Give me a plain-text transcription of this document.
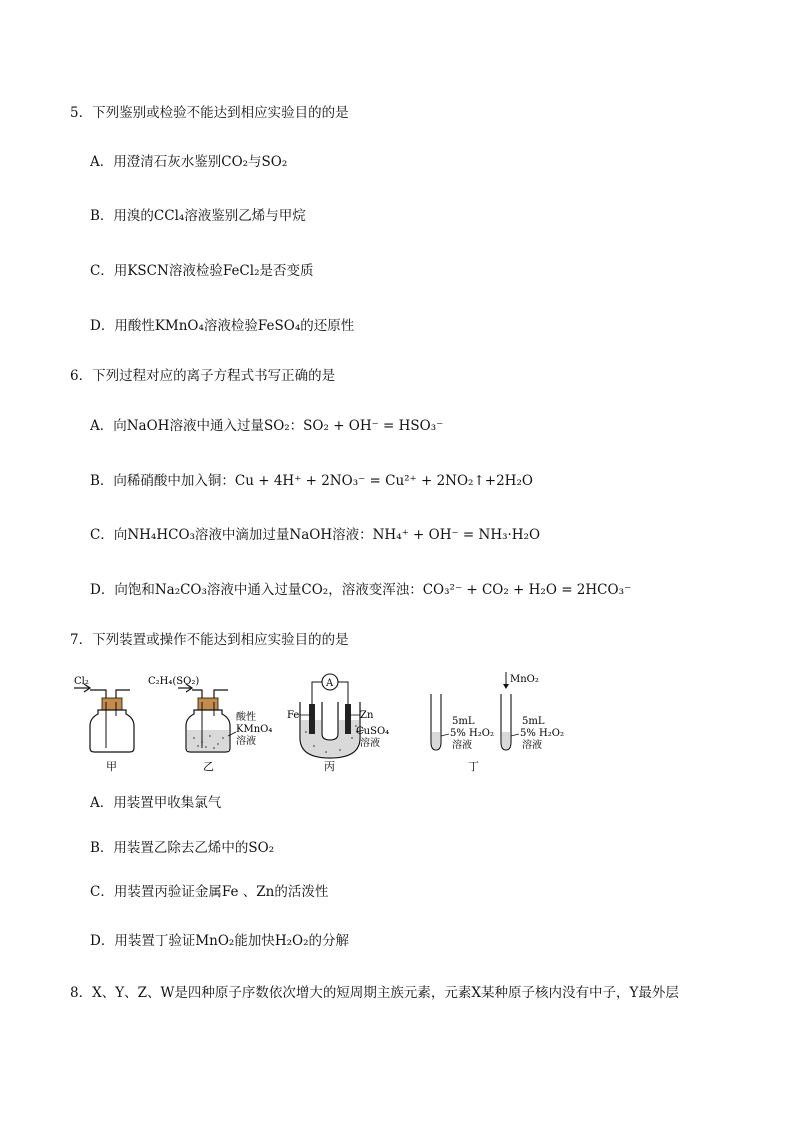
5．下列鉴别或检验不能达到相应实验目的的是
A．用澄清石灰水鉴别CO₂与SO₂
B．用溴的CCl₄溶液鉴别乙烯与甲烷
C．用KSCN溶液检验FeCl₂是否变质
D．用酸性KMnO₄溶液检验FeSO₄的还原性
6．下列过程对应的离子方程式书写正确的是
A．向NaOH溶液中通入过量SO₂：SO₂ + OH⁻ = HSO₃⁻
B．向稀硝酸中加入铜：Cu + 4H⁺ + 2NO₃⁻ = Cu²⁺ + 2NO₂↑+2H₂O
C．向NH₄HCO₃溶液中滴加过量NaOH溶液：NH₄⁺ + OH⁻ = NH₃·H₂O
D．向饱和Na₂CO₃溶液中通入过量CO₂，溶液变浑浊：CO₃²⁻ + CO₂ + H₂O = 2HCO₃⁻
7．下列装置或操作不能达到相应实验目的的是
Cl₂
甲
C₂H₄(SO₂)
酸性
KMnO₄
溶液
乙
A
Fe	Zn
CuSO₄
溶液
丙
5mL
5% H₂O₂
溶液
MnO₂
5mL
5% H₂O₂
溶液
丁
A．用装置甲收集氯气
B．用装置乙除去乙烯中的SO₂
C．用装置丙验证金属Fe 、Zn的活泼性
D．用装置丁验证MnO₂能加快H₂O₂的分解
8．X、Y、Z、W是四种原子序数依次增大的短周期主族元素，元素X某种原子核内没有中子，Y最外层
